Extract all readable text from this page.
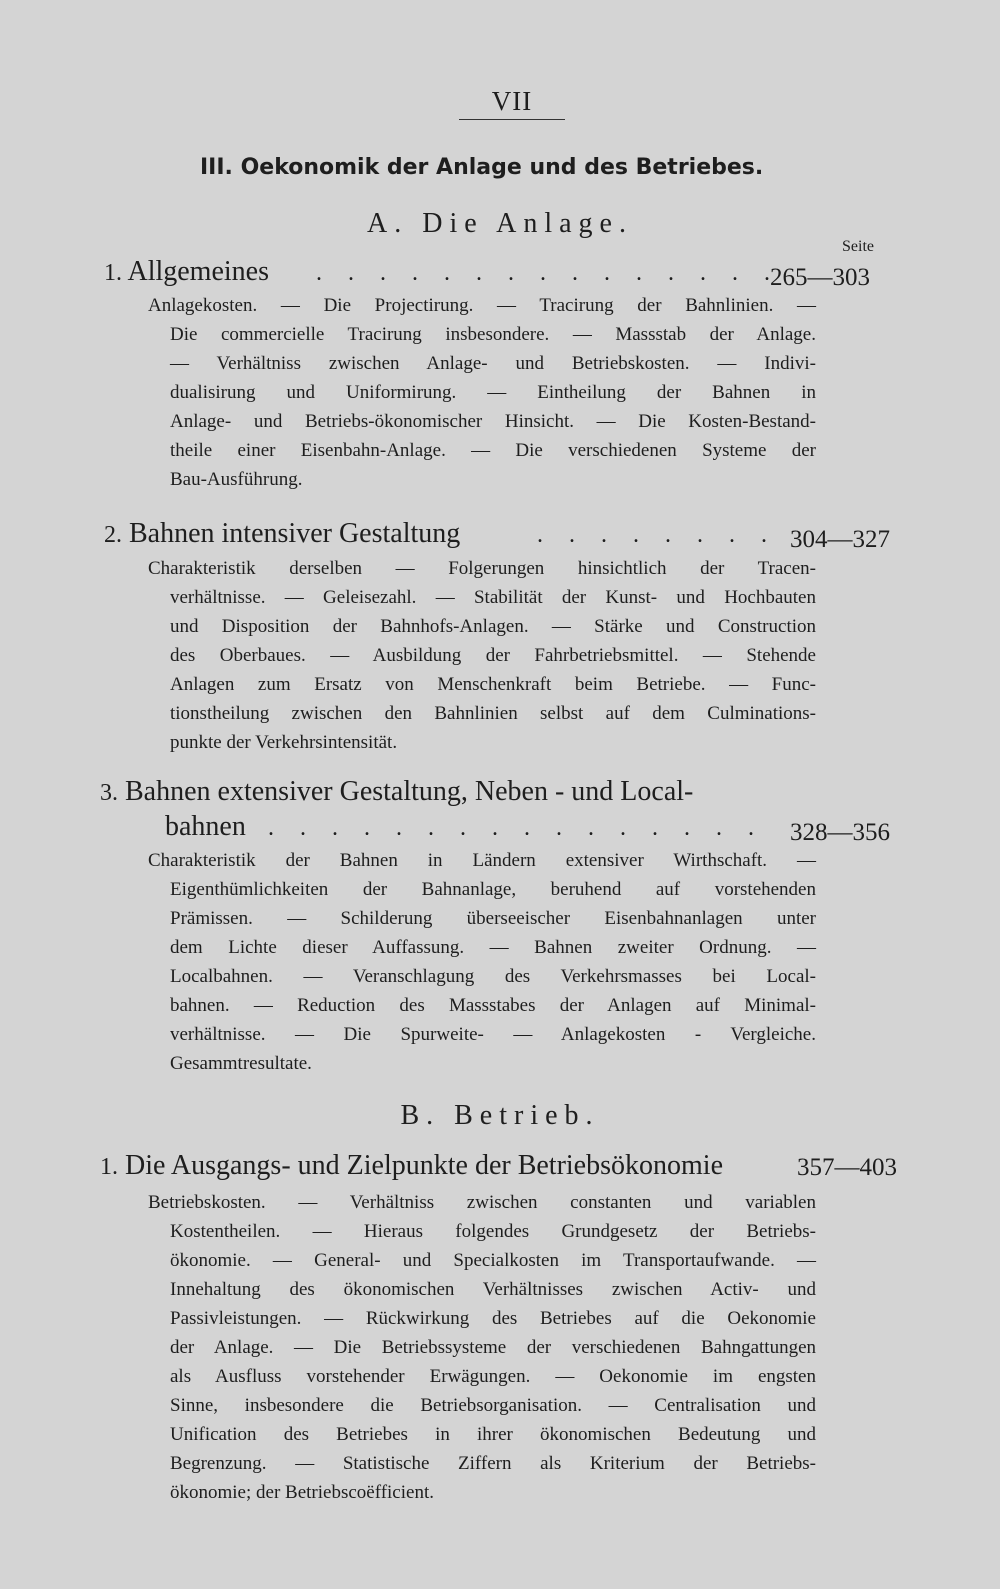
VII
III. Oekonomik der Anlage und des Betriebes.
A. Die Anlage.
Seite
1. Allgemeines . . . . . . . . . . . . . . .
265—303
Anlagekosten. — Die Projectirung. — Tracirung der Bahnlinien. —
Die commercielle Tracirung insbesondere. — Massstab der Anlage.
— Verhältniss zwischen Anlage- und Betriebskosten. — Indivi-
dualisirung und Uniformirung. — Eintheilung der Bahnen in
Anlage- und Betriebs-ökonomischer Hinsicht. — Die Kosten-Bestand-
theile einer Eisenbahn-Anlage. — Die verschiedenen Systeme der
Bau-Ausführung.
2. Bahnen intensiver Gestaltung	. . . . . . . . 304—327
Charakteristik derselben — Folgerungen hinsichtlich der Tracen-
verhältnisse. — Geleisezahl. — Stabilität der Kunst- und Hochbauten
und Disposition der Bahnhofs-Anlagen. — Stärke und Construction
des Oberbaues. — Ausbildung der Fahrbetriebsmittel. — Stehende
Anlagen zum Ersatz von Menschenkraft beim Betriebe. — Func-
tionstheilung zwischen den Bahnlinien selbst auf dem Culminations-
punkte der Verkehrsintensität.
3. Bahnen extensiver Gestaltung, Neben - und Local-
bahnen . . . . . . . . . . . . . . . . 328—356
Charakteristik der Bahnen in Ländern extensiver Wirthschaft. —
Eigenthümlichkeiten der Bahnanlage, beruhend auf vorstehenden
Prämissen. — Schilderung überseeischer Eisenbahnanlagen unter
dem Lichte dieser Auffassung. — Bahnen zweiter Ordnung. —
Localbahnen. — Veranschlagung des Verkehrsmasses bei Local-
bahnen. — Reduction des Massstabes der Anlagen auf Minimal-
verhältnisse. — Die Spurweite- — Anlagekosten - Vergleiche.
Gesammtresultate.
B. Betrieb.
1. Die Ausgangs- und Zielpunkte der Betriebsökonomie	357—403
Betriebskosten. — Verhältniss zwischen constanten und variablen
Kostentheilen. — Hieraus folgendes Grundgesetz der Betriebs-
ökonomie. — General- und Specialkosten im Transportaufwande. —
Innehaltung des ökonomischen Verhältnisses zwischen Activ- und
Passivleistungen. — Rückwirkung des Betriebes auf die Oekonomie
der Anlage. — Die Betriebssysteme der verschiedenen Bahngattungen
als Ausfluss vorstehender Erwägungen. — Oekonomie im engsten
Sinne, insbesondere die Betriebsorganisation. — Centralisation und
Unification des Betriebes in ihrer ökonomischen Bedeutung und
Begrenzung. — Statistische Ziffern als Kriterium der Betriebs-
ökonomie; der Betriebscoëfficient.
